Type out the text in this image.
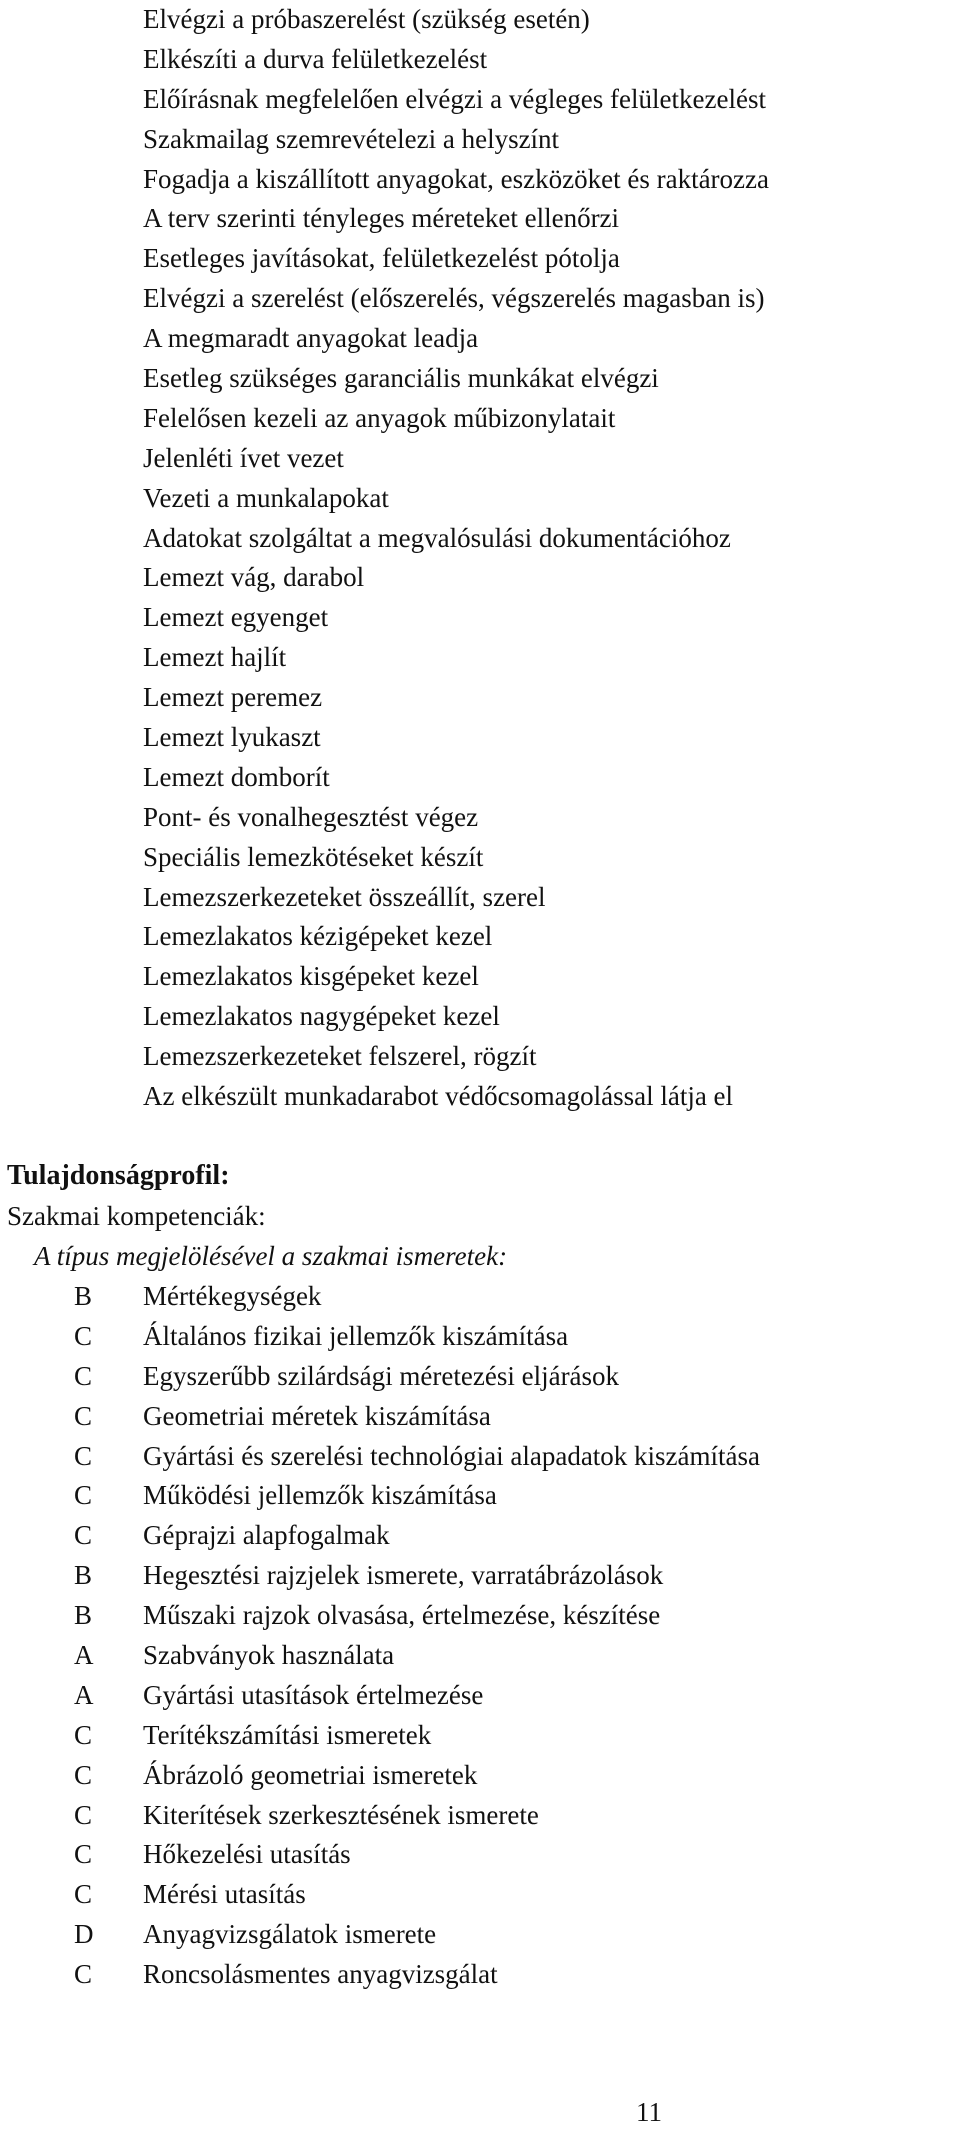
Elvégzi a próbaszerelést (szükség esetén)
Elkészíti a durva felületkezelést
Előírásnak megfelelően elvégzi a végleges felületkezelést
Szakmailag szemrevételezi a helyszínt
Fogadja a kiszállított anyagokat, eszközöket és raktározza
A terv szerinti tényleges méreteket ellenőrzi
Esetleges javításokat, felületkezelést pótolja
Elvégzi a szerelést (előszerelés, végszerelés magasban is)
A megmaradt anyagokat leadja
Esetleg szükséges garanciális munkákat elvégzi
Felelősen kezeli az anyagok műbizonylatait
Jelenléti ívet vezet
Vezeti a munkalapokat
Adatokat szolgáltat a megvalósulási dokumentációhoz
Lemezt vág, darabol
Lemezt egyenget
Lemezt hajlít
Lemezt peremez
Lemezt lyukaszt
Lemezt domborít
Pont- és vonalhegesztést végez
Speciális lemezkötéseket készít
Lemezszerkezeteket összeállít, szerel
Lemezlakatos kézigépeket kezel
Lemezlakatos kisgépeket kezel
Lemezlakatos nagygépeket kezel
Lemezszerkezeteket felszerel, rögzít
Az elkészült munkadarabot védőcsomagolással látja el
Tulajdonságprofil:
Szakmai kompetenciák:
A típus megjelölésével a szakmai ismeretek:
B	Mértékegységek
C	Általános fizikai jellemzők kiszámítása
C	Egyszerűbb szilárdsági méretezési eljárások
C	Geometriai méretek kiszámítása
C	Gyártási és szerelési technológiai alapadatok kiszámítása
C	Működési jellemzők kiszámítása
C	Géprajzi alapfogalmak
B	Hegesztési rajzjelek ismerete, varratábrázolások
B	Műszaki rajzok olvasása, értelmezése, készítése
A	Szabványok használata
A	Gyártási utasítások értelmezése
C	Terítékszámítási ismeretek
C	Ábrázoló geometriai ismeretek
C	Kiterítések szerkesztésének ismerete
C	Hőkezelési utasítás
C	Mérési utasítás
D	Anyagvizsgálatok ismerete
C	Roncsolásmentes anyagvizsgálat
11
